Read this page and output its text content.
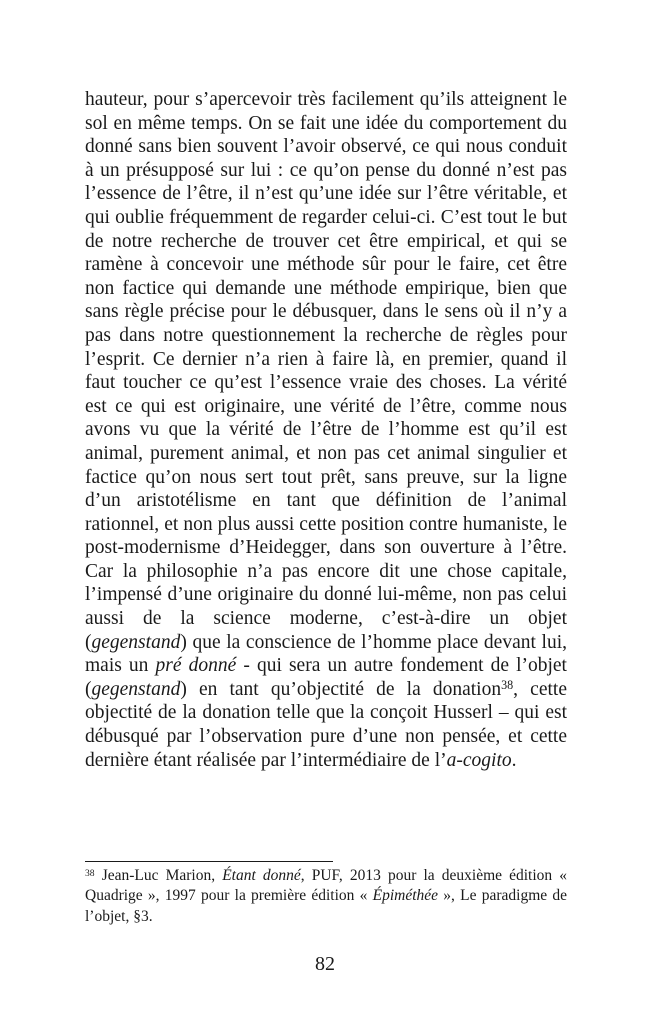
hauteur, pour s’apercevoir très facilement qu’ils atteignent le sol en même temps. On se fait une idée du comportement du donné sans bien souvent l’avoir observé, ce qui nous conduit à un présupposé sur lui : ce qu’on pense du donné n’est pas l’essence de l’être, il n’est qu’une idée sur l’être véritable, et qui oublie fréquemment de regarder celui-ci. C’est tout le but de notre recherche de trouver cet être empirical, et qui se ramène à concevoir une méthode sûr pour le faire, cet être non factice qui demande une méthode empirique, bien que sans règle précise pour le débusquer, dans le sens où il n’y a pas dans notre questionnement la recherche de règles pour l’esprit. Ce dernier n’a rien à faire là, en premier, quand il faut toucher ce qu’est l’essence vraie des choses. La vérité est ce qui est originaire, une vérité de l’être, comme nous avons vu que la vérité de l’être de l’homme est qu’il est animal, purement animal, et non pas cet animal singulier et factice qu’on nous sert tout prêt, sans preuve, sur la ligne d’un aristotélisme en tant que définition de l’animal rationnel, et non plus aussi cette position contre humaniste, le post-modernisme d’Heidegger, dans son ouverture à l’être. Car la philosophie n’a pas encore dit une chose capitale, l’impensé d’une originaire du donné lui-même, non pas celui aussi de la science moderne, c’est-à-dire un objet (gegenstand) que la conscience de l’homme place devant lui, mais un pré donné - qui sera un autre fondement de l’objet (gegenstand) en tant qu’objectité de la donation$^{38}$, cette objectité de la donation telle que la conçoit Husserl – qui est débusqué par l’observation pure d’une non pensée, et cette dernière étant réalisée par l’intermédiaire de l’a-cogito.

$^{38}$ Jean-Luc Marion, Étant donné, PUF, 2013 pour la deuxième édition « Quadrige », 1997 pour la première édition « Épiméthée », Le paradigme de l’objet, §3.

82
